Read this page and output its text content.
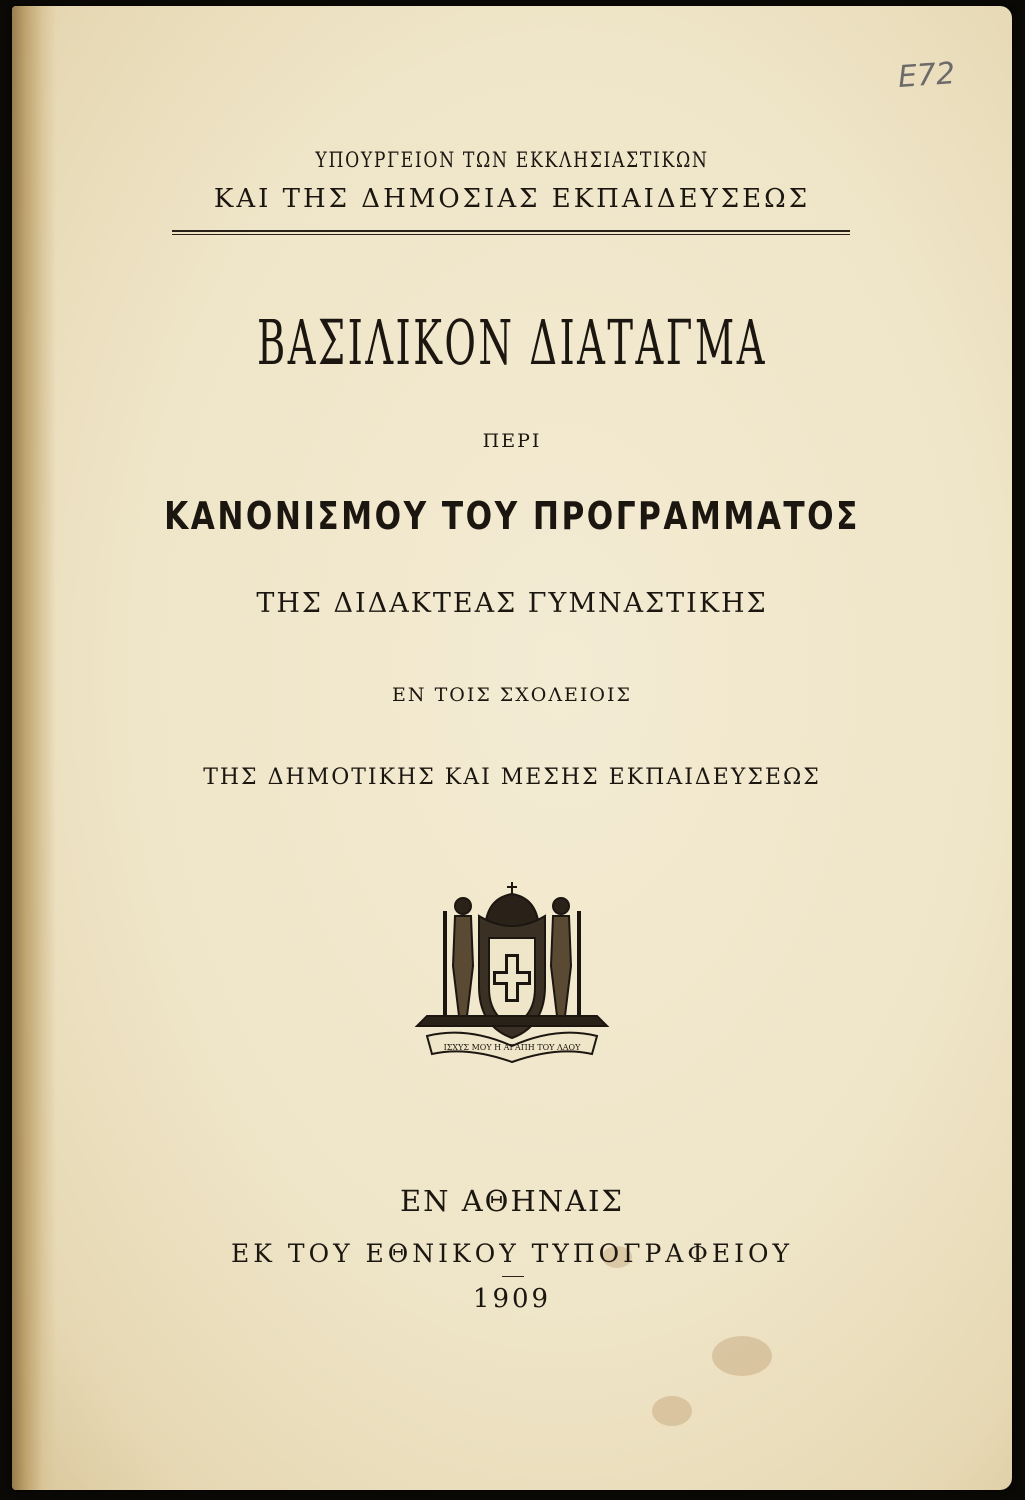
E72
ΥΠΟΥΡΓΕΙΟΝ ΤΩΝ ΕΚΚΛΗΣΙΑΣΤΙΚΩΝ
ΚΑΙ ΤΗΣ ΔΗΜΟΣΙΑΣ ΕΚΠΑΙΔΕΥΣΕΩΣ
ΒΑΣΙΛΙΚΟΝ ΔΙΑΤΑΓΜΑ
ΠΕΡΙ
ΚΑΝΟΝΙΣΜΟΥ ΤΟΥ ΠΡΟΓΡΑΜΜΑΤΟΣ
ΤΗΣ ΔΙΔΑΚΤΕΑΣ ΓΥΜΝΑΣΤΙΚΗΣ
ΕΝ ΤΟΙΣ ΣΧΟΛΕΙΟΙΣ
ΤΗΣ ΔΗΜΟΤΙΚΗΣ ΚΑΙ ΜΕΣΗΣ ΕΚΠΑΙΔΕΥΣΕΩΣ
ΙΣΧΥΣ ΜΟΥ Η ΑΓΑΠΗ ΤΟΥ ΛΑΟΥ
ΕΝ ΑΘΗΝΑΙΣ
ΕΚ ΤΟΥ ΕΘΝΙΚΟΥ ΤΥΠΟΓΡΑΦΕΙΟΥ
1909
